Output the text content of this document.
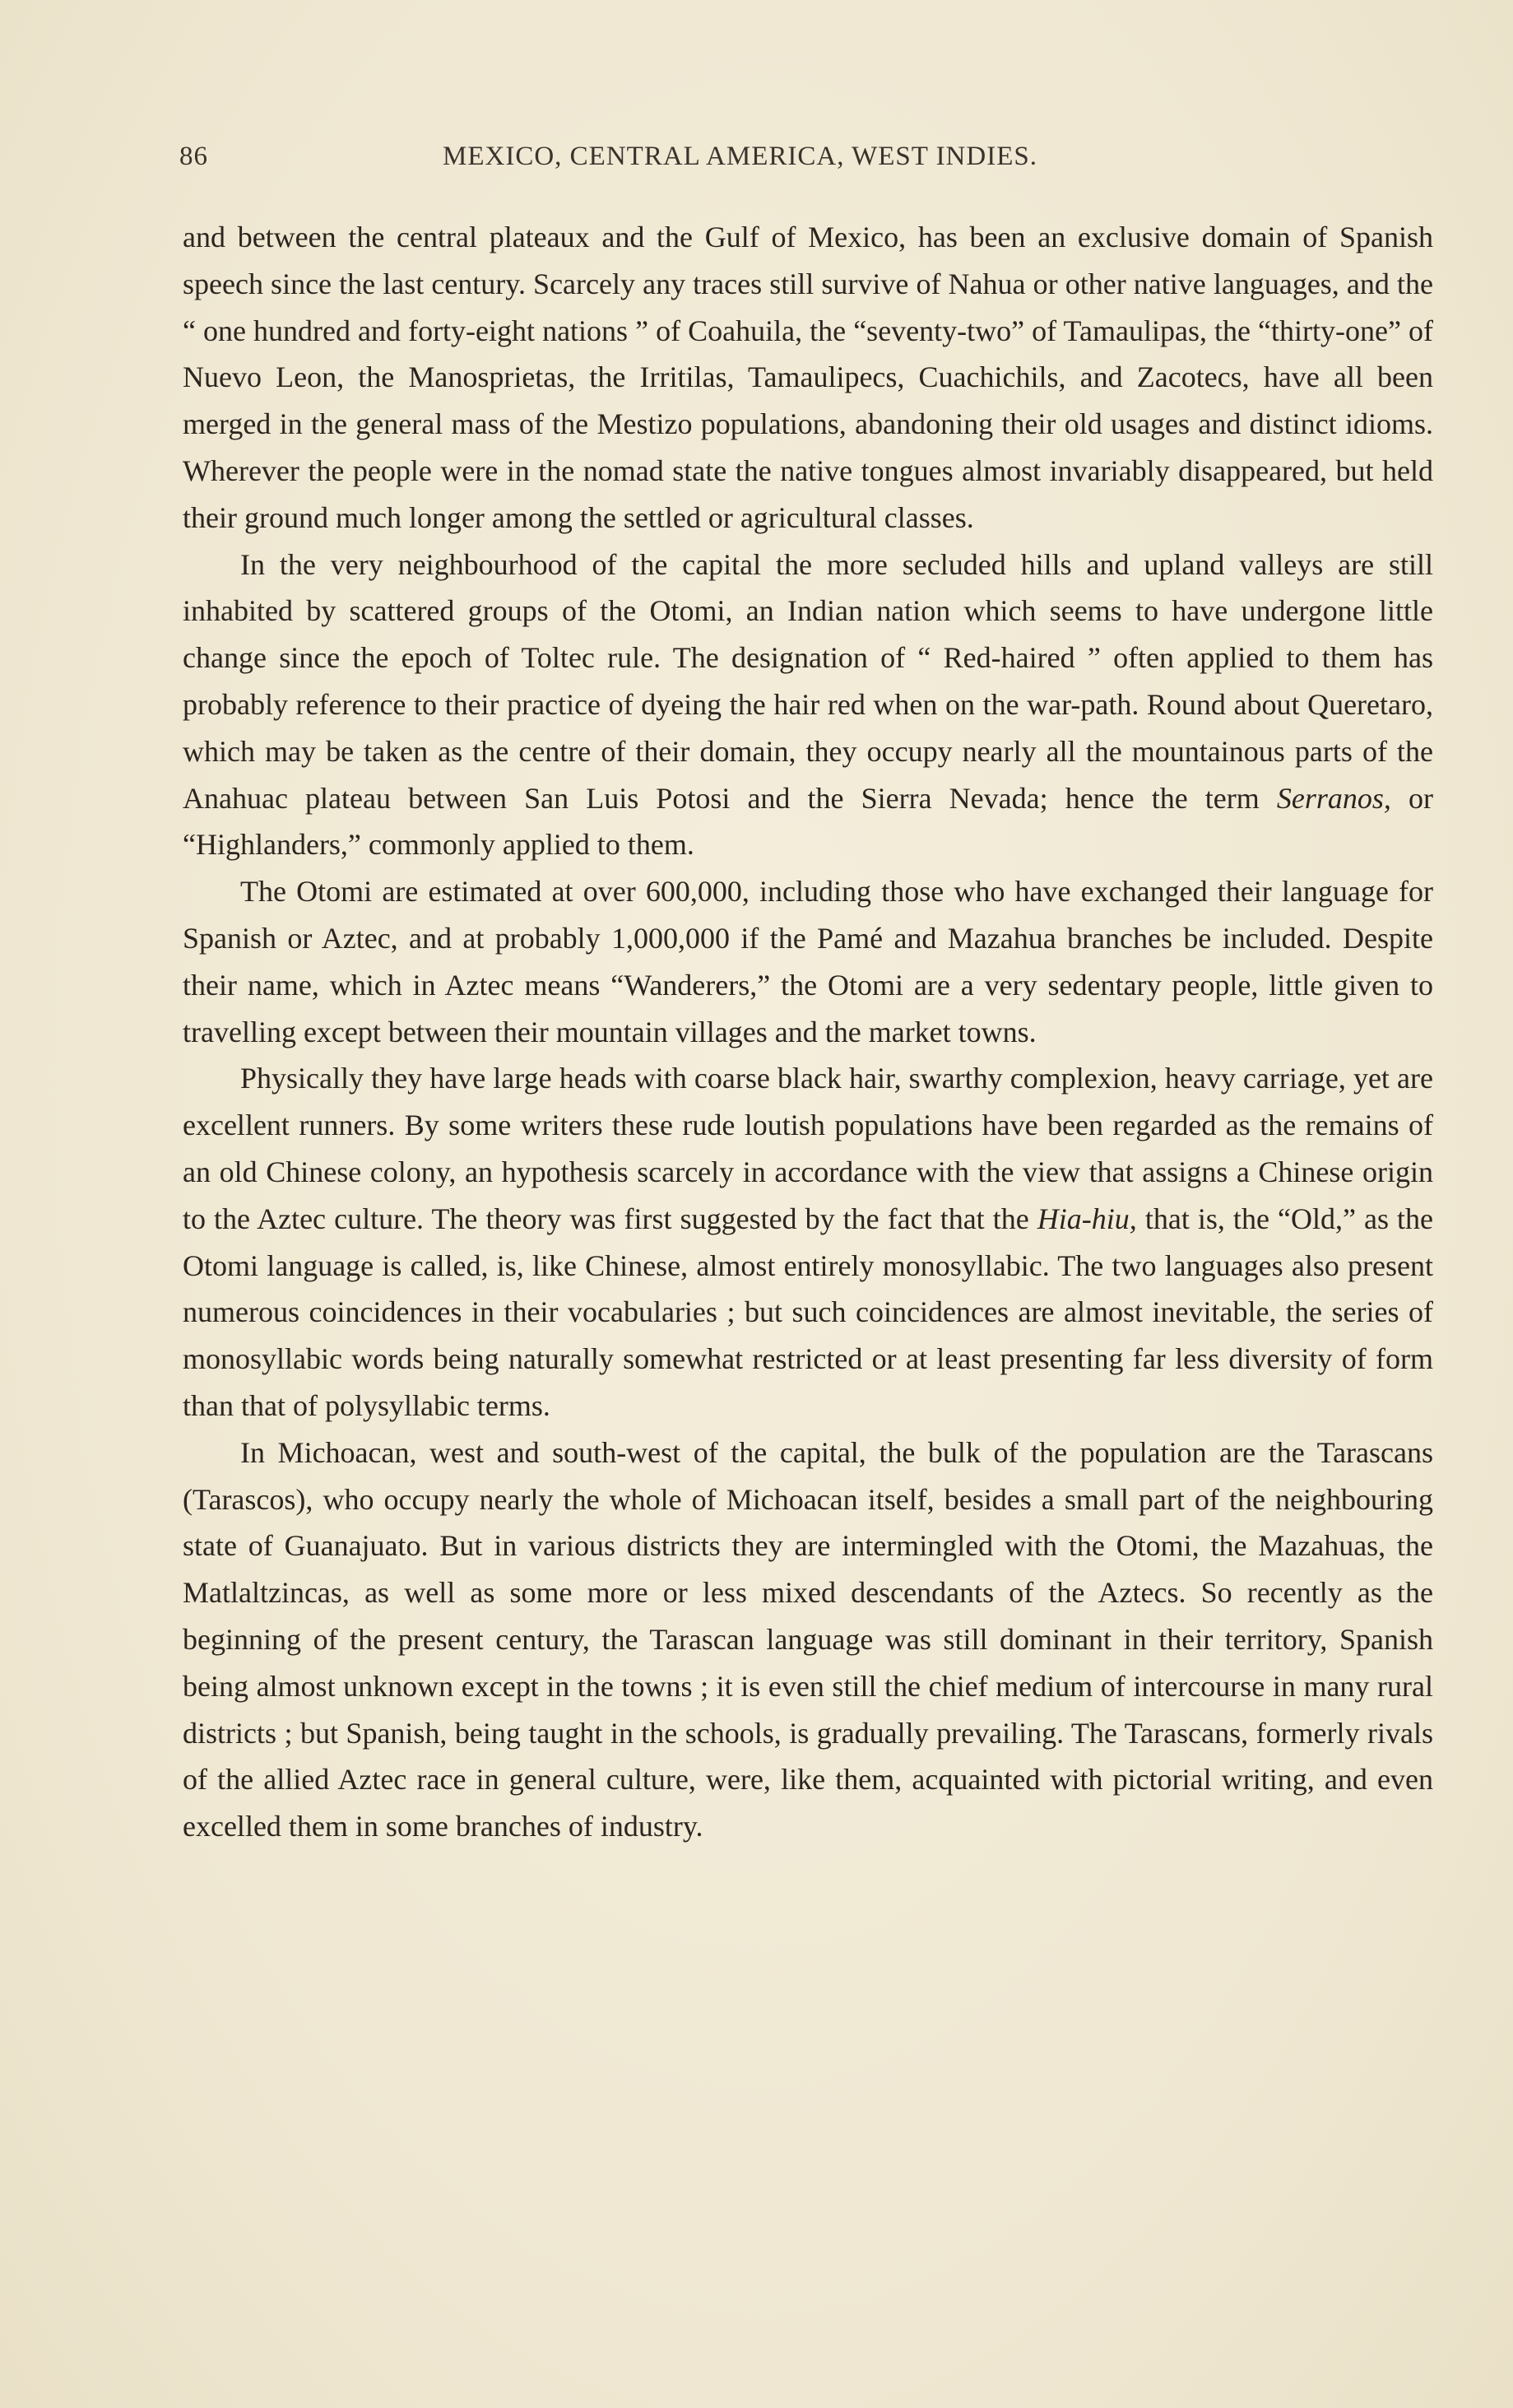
86	MEXICO, CENTRAL AMERICA, WEST INDIES.

and between the central plateaux and the Gulf of Mexico, has been an exclusive domain of Spanish speech since the last century. Scarcely any traces still survive of Nahua or other native languages, and the “ one hundred and forty-eight nations ” of Coahuila, the “seventy-two” of Tamaulipas, the “thirty-one” of Nuevo Leon, the Manosprietas, the Irritilas, Tamaulipecs, Cuachichils, and Zacotecs, have all been merged in the general mass of the Mestizo populations, abandoning their old usages and distinct idioms. Wherever the people were in the nomad state the native tongues almost invariably disappeared, but held their ground much longer among the settled or agricultural classes.

In the very neighbourhood of the capital the more secluded hills and upland valleys are still inhabited by scattered groups of the Otomi, an Indian nation which seems to have undergone little change since the epoch of Toltec rule. The designation of “ Red-haired ” often applied to them has probably reference to their practice of dyeing the hair red when on the war-path. Round about Queretaro, which may be taken as the centre of their domain, they occupy nearly all the mountainous parts of the Anahuac plateau between San Luis Potosi and the Sierra Nevada; hence the term Serranos, or “Highlanders,” commonly applied to them.

The Otomi are estimated at over 600,000, including those who have exchanged their language for Spanish or Aztec, and at probably 1,000,000 if the Pamé and Mazahua branches be included. Despite their name, which in Aztec means “Wanderers,” the Otomi are a very sedentary people, little given to travelling except between their mountain villages and the market towns.

Physically they have large heads with coarse black hair, swarthy complexion, heavy carriage, yet are excellent runners. By some writers these rude loutish populations have been regarded as the remains of an old Chinese colony, an hypothesis scarcely in accordance with the view that assigns a Chinese origin to the Aztec culture. The theory was first suggested by the fact that the Hia-hiu, that is, the “Old,” as the Otomi language is called, is, like Chinese, almost entirely monosyllabic. The two languages also present numerous coincidences in their vocabularies ; but such coincidences are almost inevitable, the series of monosyllabic words being naturally somewhat restricted or at least presenting far less diversity of form than that of polysyllabic terms.

In Michoacan, west and south-west of the capital, the bulk of the population are the Tarascans (Tarascos), who occupy nearly the whole of Michoacan itself, besides a small part of the neighbouring state of Guanajuato. But in various districts they are intermingled with the Otomi, the Mazahuas, the Matlaltzincas, as well as some more or less mixed descendants of the Aztecs. So recently as the beginning of the present century, the Tarascan language was still dominant in their territory, Spanish being almost unknown except in the towns ; it is even still the chief medium of intercourse in many rural districts ; but Spanish, being taught in the schools, is gradually prevailing. The Tarascans, formerly rivals of the allied Aztec race in general culture, were, like them, acquainted with pictorial writing, and even excelled them in some branches of industry.
